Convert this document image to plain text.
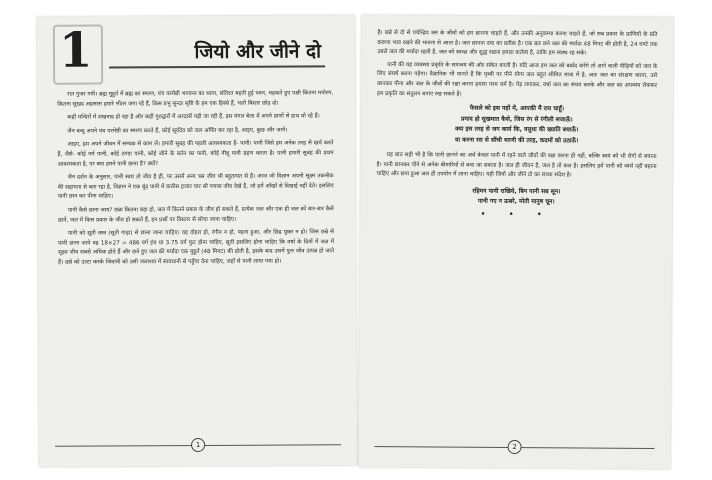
1	जियो और जीने दो

रात गुजर गयी। ब्रह्म मुहूर्त में ब्रह्म का स्मरण, पंच परमेष्ठी भगवन्त का ध्यान, संतिरत बहती हुई पवन, चहकते हुए पक्षी कितना मनोरम, कितना सुखद अहसास हमारे भीतर जगा रहे हैं, किस प्रभु सुन्दर सृष्टि के हम एक हिस्से हैं, चलो बिस्तर छोड़ दो।

कहीं मन्दिरों में शंखनाद हो रहा है और कहीं गुरुद्वारों में अरदासें पढ़ी जा रही हैं, इस मंगल बेला में अपने प्राणों से हाथ धो रहे हैं।

जैन बन्धु अपने पंच परमेष्ठी का स्मरण करते हैं, कोई सूर्यदेव को जल अर्पित कर रहा है, आइए, कुछ और जानें।

आइए, हम अपने जीवन में सम्यक से काम लें। हमारी सुबह की पहली आवश्यकता है- पानी। पानी जिसे हम अनेक तरह से खर्च करते हैं, जैसे- कोई नर्म पानी, कोई ठण्डा पानी, कोई जीने के बर्तन का पानी, कोई नीबू पानी ग्रहण करता है। पानी हमारी सुबह की प्रथम आवश्यकता है, पर क्या हमने पानी छाना है? क्यों?

जैन दर्शन के अनुसार, पानी स्वयं तो जीव है ही, पर उसमें अन्य त्रस जीव भी बहुतायत से हैं। आज जो विज्ञान अपनी सूक्ष्म तकनीक की सहायता से बता रहा है, विज्ञान ने एक बूंद पानी में छत्तीस हजार चार सौ पचास जीव देखे हैं, जो हमें आँखों से दिखाई नहीं देते। इसलिए पानी छान कर पीना चाहिए।

पानी कैसे छाना जाय? छन्ना कितना बड़ा हो, जल में कितने प्रकार के जीव हो सकते हैं, प्रत्येक जल और एक ही जल को बार-बार कैसे छानें, जल में किस प्रकार के जीव हो सकते हैं, इन प्रश्नों पर विस्तार से सोचा जाना चाहिए।

पानी को सूती वस्त्र (सूती गाढ़ा) से छाना जाना चाहिए। वह दोहरा हो, रंगीन न हो, पहना हुआ, और छिद्र युक्त न हो। जिस छन्ने से पानी छाना जाये वह 18×27 = 486 वर्ग इंच या 3.75 वर्ग फुट होना चाहिए, सूती इसलिए होना चाहिए कि वर्षा के दिनों में जल में सूक्ष्म जीव सबसे अधिक होते हैं और छने हुए जल की मर्यादा एक मुहूर्त (48 मिनट) की होती है, इसके बाद उसमें पुनः जीव उत्पन्न हो जाते हैं। छन्ने को उल्टा करके जिवानी को उसी जलाशय में सावधानी से पहुँचा देना चाहिए, जहाँ से पानी लाया गया हो।

1

है। छन्ने से दो से पचेन्द्रिय त्रस के जीवों को हम छानना चाहते हैं, और उनकी अनुकम्पा करना चाहते हैं, जो सब प्रकार के प्राणियों के प्रति करुणा भाव रखने की भावना से आता है। जल छानना दया का प्रतीक है। एक बार छने जल की मर्यादा 48 मिनट की होती है, 24 घण्टे तक उबले जल की मर्यादा रहती है, जल को स्वच्छ और शुद्ध रखना हमारा कर्तव्य है, ताकि हम स्वस्थ रह सकें।

पानी की यह व्यवस्था प्रकृति के समन्वय की ओर संकेत करती है। यदि आज हम जल को बर्बाद करेंगे तो आने वाली पीढ़ियों को जल के लिए संघर्ष करना पड़ेगा। वैज्ञानिक भी मानते हैं कि पृथ्वी पर पीने योग्य जल बहुत सीमित मात्रा में है, अतः जल का संरक्षण करना, उसे छानकर पीना और जल के जीवों की रक्षा करना हमारा परम धर्म है। पेड़ लगाकर, वर्षा जल का संचय करके और जल का अपव्यय रोककर हम प्रकृति का संतुलन बनाए रख सकते हैं।

फैसले को इस पहों में, आपकी मैं राय चाहूँ।
प्रमाद हो सुखमात कैसे, जिस रंग से रंगीली सजाऊँ।
क्या इस तरह से जग कार्य कि, वसुधा की ख्याति बचाऊँ।
या करना रस से सींची धरणी की तरह, कदमों को उठाऊँ।

यह बात सही भी है कि पानी छानने का अर्थ केवल पानी में रहने वाले जीवों की रक्षा करना ही नहीं, बल्कि स्वयं को भी रोगों से बचाना है। पानी छानकर पीने से अनेक बीमारियों से बचा जा सकता है। जल ही जीवन है, जल है तो कल है। इसलिए हमें पानी को व्यर्थ नहीं बहाना चाहिए और छना हुआ जल ही उपयोग में लाना चाहिए। यही जियो और जीने दो का सच्चा संदेश है।

रहिमन पानी राखिये, बिन पानी सब सून।
पानी गए न ऊबरे, मोती मानुष चून।
• • •
2
